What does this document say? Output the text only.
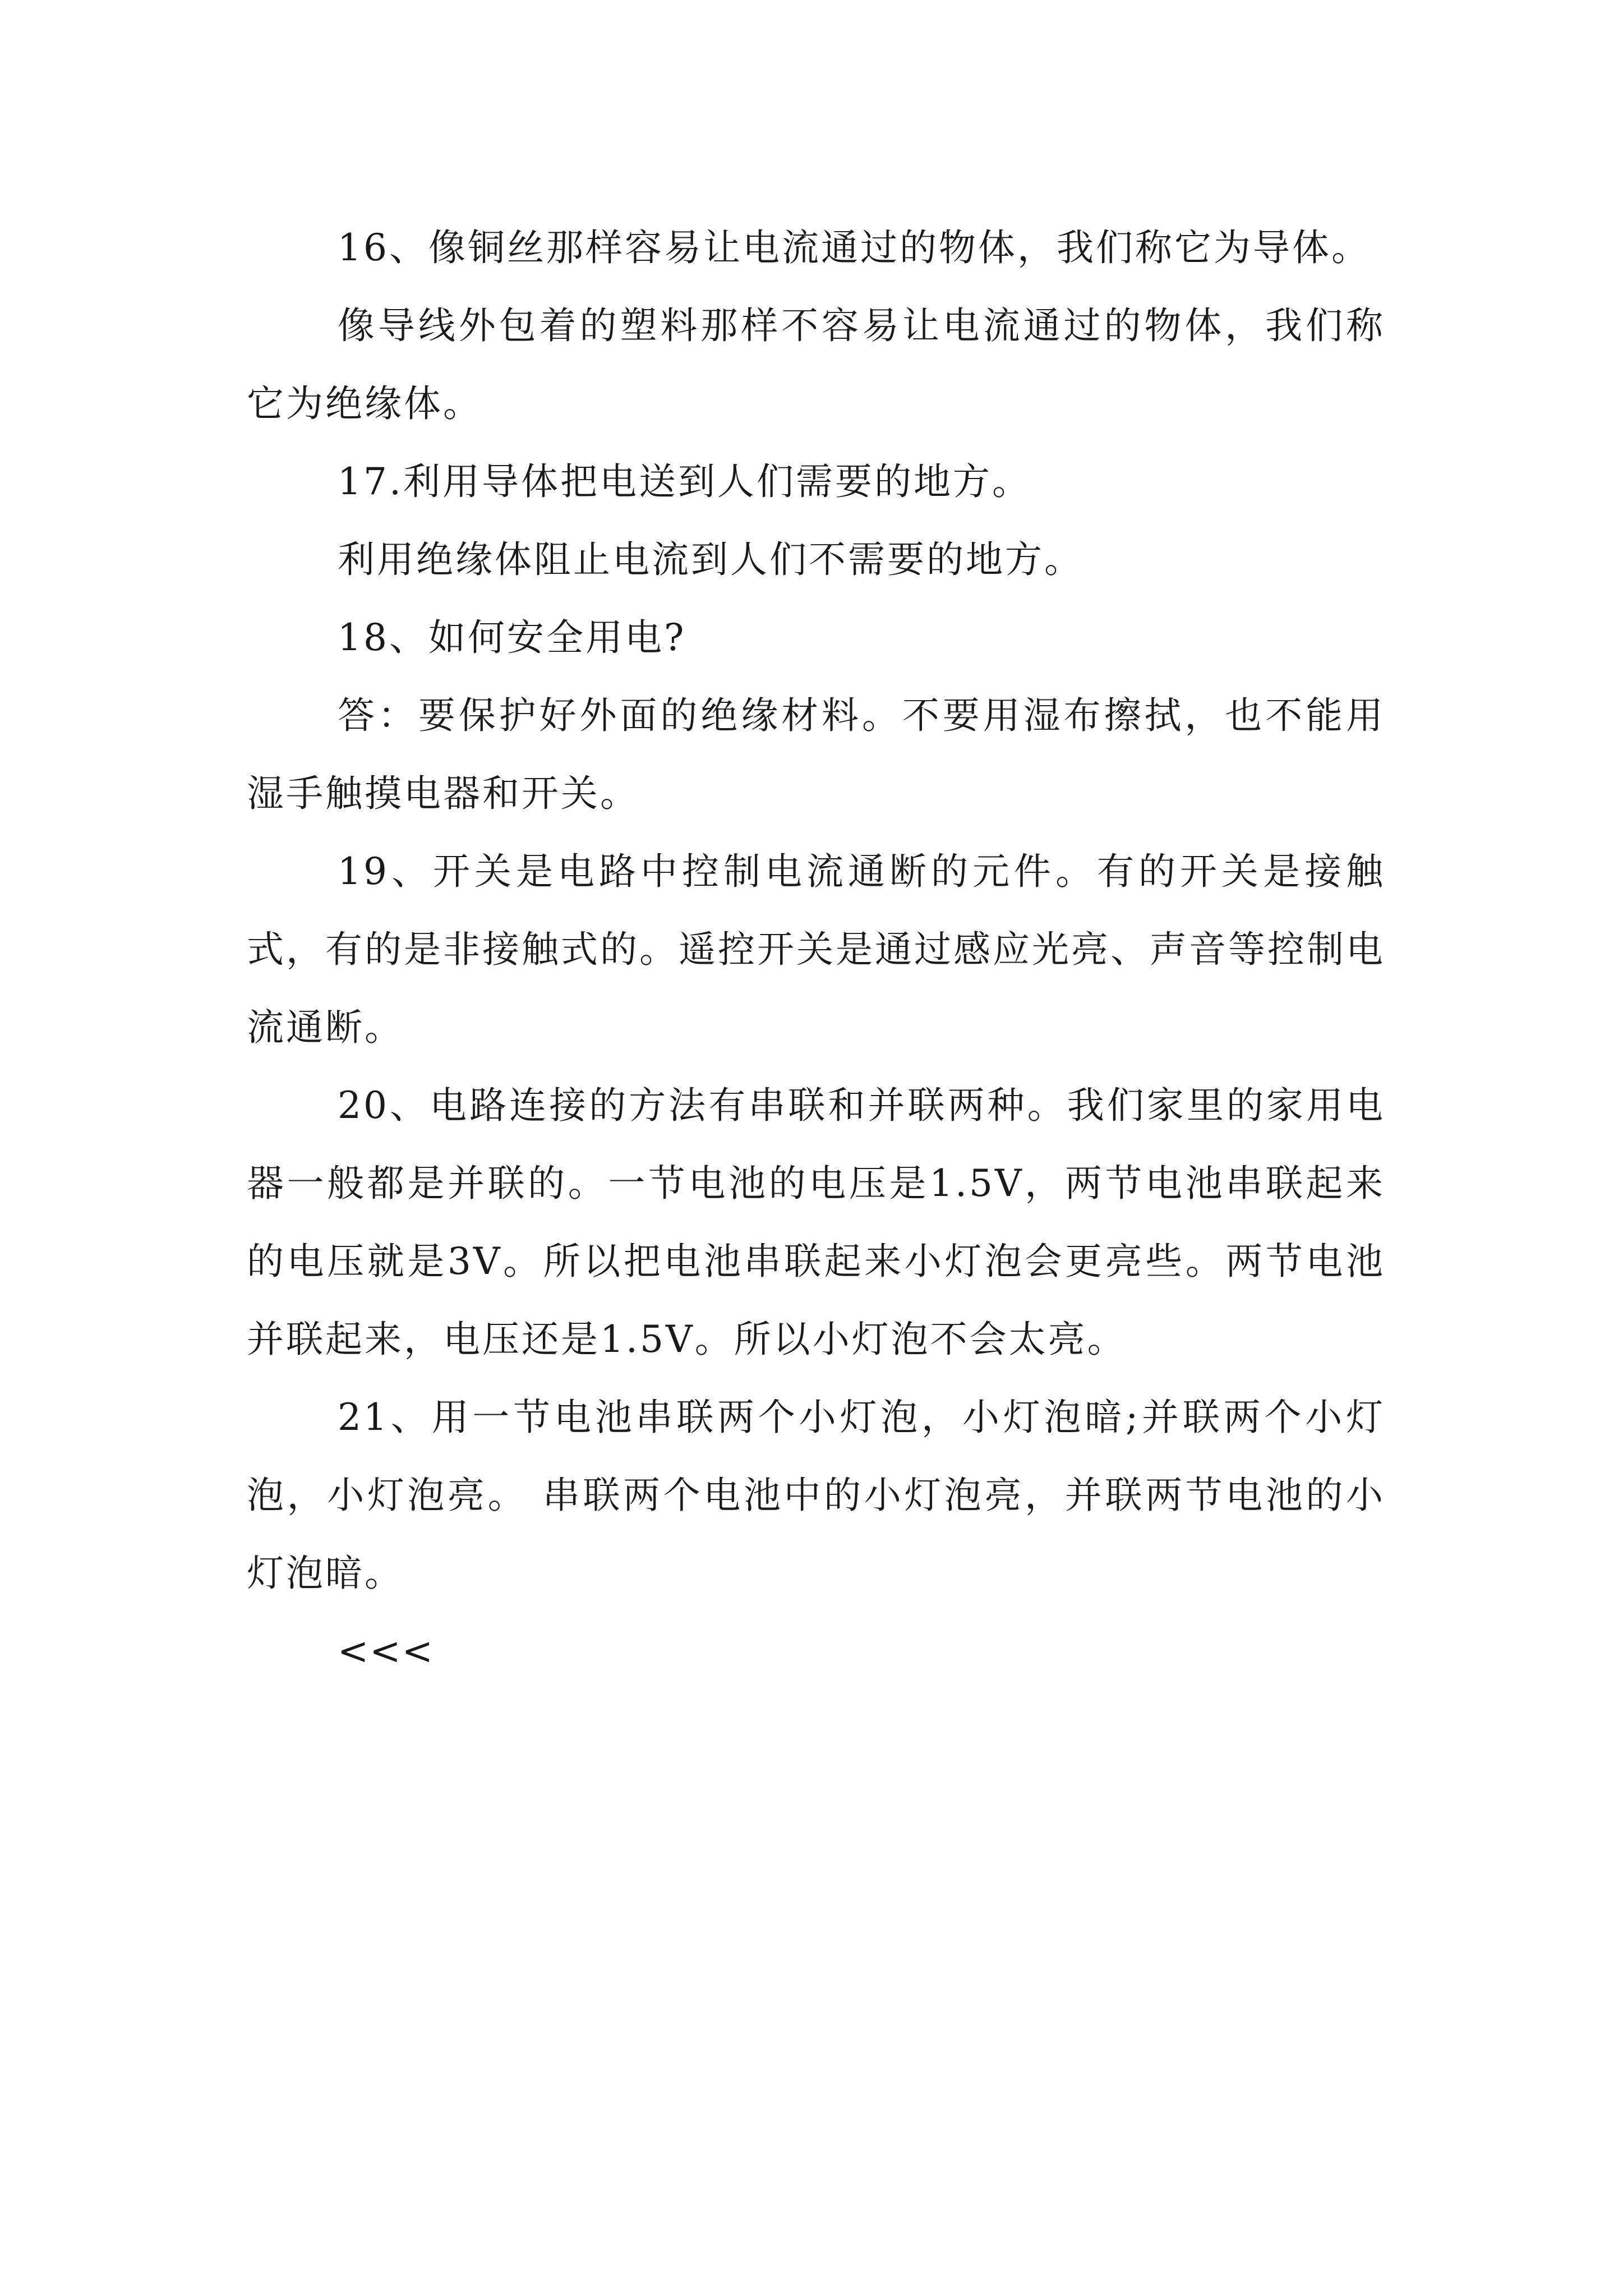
16、像铜丝那样容易让电流通过的物体，我们称它为导体。

像导线外包着的塑料那样不容易让电流通过的物体，我们称它为绝缘体。

17.利用导体把电送到人们需要的地方。

利用绝缘体阻止电流到人们不需要的地方。

18、如何安全用电?

答：要保护好外面的绝缘材料。不要用湿布擦拭，也不能用湿手触摸电器和开关。

19、开关是电路中控制电流通断的元件。有的开关是接触式，有的是非接触式的。遥控开关是通过感应光亮、声音等控制电流通断。

20、电路连接的方法有串联和并联两种。我们家里的家用电器一般都是并联的。一节电池的电压是1.5V，两节电池串联起来的电压就是3V。所以把电池串联起来小灯泡会更亮些。两节电池并联起来，电压还是1.5V。所以小灯泡不会太亮。

21、用一节电池串联两个小灯泡，小灯泡暗;并联两个小灯泡，小灯泡亮。 串联两个电池中的小灯泡亮，并联两节电池的小灯泡暗。

<<<
